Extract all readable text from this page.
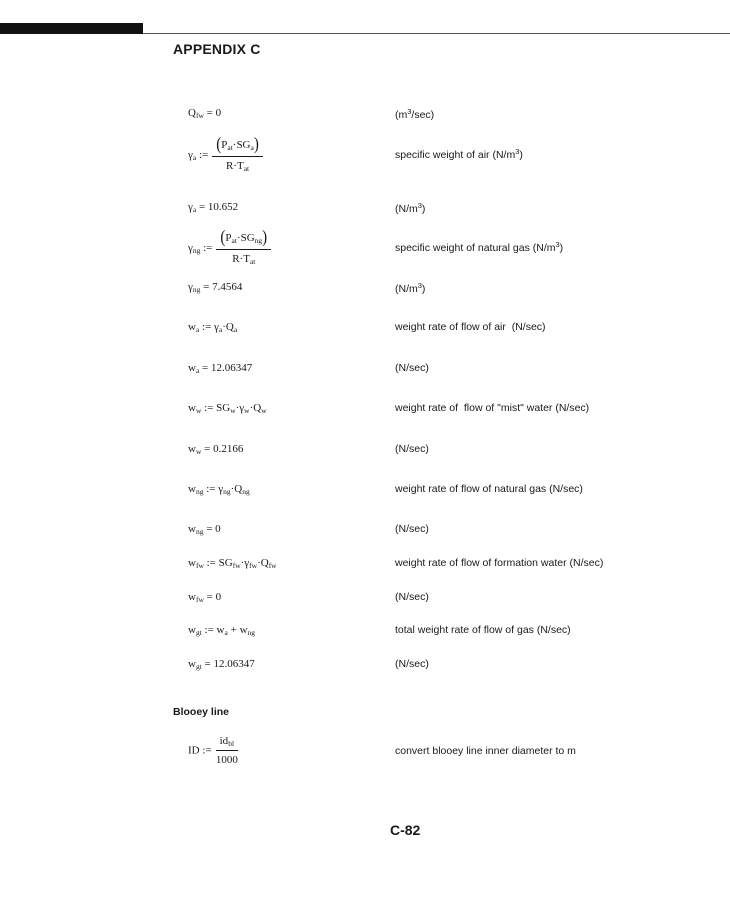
APPENDIX C
$Q_{fw} = 0$	$(m^3/\sec)$
$\gamma_a$ := $\frac{(P_{at}\cdot SG_a)}{R\cdot T_{at}}$	specific weight of air $(N/m^3)$
$\gamma_a = 10.652$	$(N/m^3)$
$\gamma_{ng}$ := $\frac{(P_{at}\cdot SG_{ng})}{R\cdot T_{at}}$	specific weight of natural gas $(N/m^3)$
$\gamma_{ng} = 7.4564$	$(N/m^3)$
$w_a$ := $\gamma_a\cdot Q_a$	weight rate of flow of air  (N/sec)
$w_a = 12.06347$	(N/sec)
$w_w$ := $SG_w\cdot\gamma_w\cdot Q_w$	weight rate of  flow of "mist" water (N/sec)
$w_w = 0.2166$	(N/sec)
$w_{ng}$ := $\gamma_{ng}\cdot Q_{ng}$	weight rate of flow of natural gas (N/sec)
$w_{ng} = 0$	(N/sec)
$w_{fw}$ := $SG_{fw}\cdot\gamma_{fw}\cdot Q_{fw}$	weight rate of flow of formation water (N/sec)
$w_{fw} = 0$	(N/sec)
$w_{gt}$ := $w_a + w_{ng}$	total weight rate of flow of gas (N/sec)
$w_{gt} = 12.06347$	(N/sec)
ID := $\frac{id_{bl}}{1000}$	convert blooey line inner diameter to m
Blooey line
C-82
